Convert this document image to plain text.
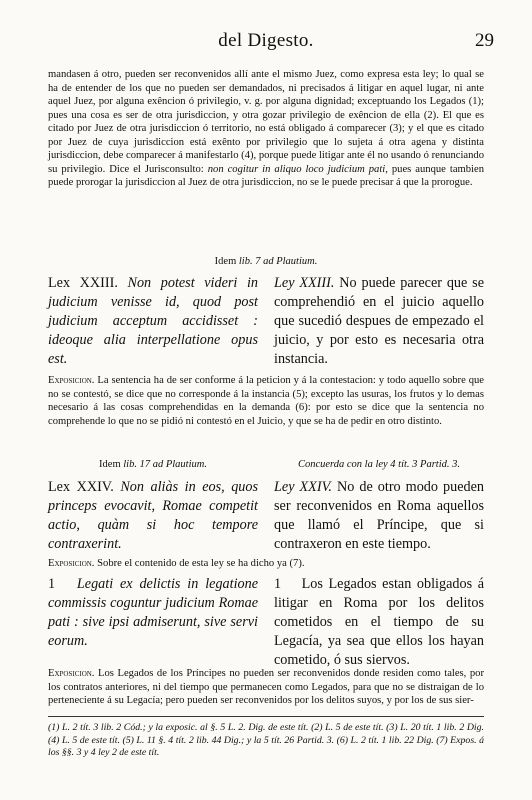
del Digesto.	29
mandasen á otro, pueden ser reconvenidos allí ante el mismo Juez, como expresa esta ley; lo qual se ha de entender de los que no pueden ser demandados, ni precisados á litigar en aquel lugar, ni ante aquel Juez, por alguna exêncion ó privilegio, v. g. por alguna dignidad; exceptuando los Legados (1); pues una cosa es ser de otra jurisdiccion, y otra gozar privilegio de exêncion de ella (2). El que es citado por Juez de otra jurisdiccion ó territorio, no está obligado á comparecer (3); y el que es citado por Juez de cuya jurisdiccion está exênto por privilegio que lo sujeta á otra agena y distinta jurisdiccion, debe comparecer á manifestarlo (4), porque puede litigar ante él no usando ó renunciando su privilegio. Dice el Jurisconsulto: non cogitur in aliquo loco judicium pati, pues aunque tambien puede prorogar la jurisdiccion al Juez de otra jurisdiccion, no se le puede precisar á que la prorogue.
Idem lib. 7 ad Plautium.
Lex XXIII. Non potest videri in judicium venisse id, quod post judicium acceptum accidisset : ideoque alia interpellatione opus est.
Ley XXIII. No puede parecer que se comprehendió en el juicio aquello que sucedió despues de empezado el juicio, y por esto es necesaria otra instancia.
Exposicion. La sentencia ha de ser conforme á la peticion y á la contestacion: y todo aquello sobre que no se contestó, se dice que no corresponde á la instancia (5); excepto las usuras, los frutos y lo demas necesario á las cosas comprehendidas en la demanda (6): por esto se dice que la sentencia no comprehende lo que no se pidió ni contestó en el Juicio, y que se ha de pedir en otro distinto.
Idem lib. 17 ad Plautium.	Concuerda con la ley 4 tít. 3 Partid. 3.
Lex XXIV. Non aliàs in eos, quos princeps evocavit, Romae competit actio, quàm si hoc tempore contraxerint.
Ley XXIV. No de otro modo pueden ser reconvenidos en Roma aquellos que llamó el Príncipe, que si contraxeron en este tiempo.
Exposicion. Sobre el contenido de esta ley se ha dicho ya (7).
1 Legati ex delictis in legatione commissis coguntur judicium Romae pati : sive ipsi admiserunt, sive servi eorum.
1 Los Legados estan obligados á litigar en Roma por los delitos cometidos en el tiempo de su Legacía, ya sea que ellos los hayan cometido, ó sus siervos.
Exposicion. Los Legados de los Príncipes no pueden ser reconvenidos donde residen como tales, por los contratos anteriores, ni del tiempo que permanecen como Legados, para que no se distraigan de lo perteneciente á su Legacía; pero pueden ser reconvenidos por los delitos suyos, y por los de sus sier-
(1) L. 2 tít. 3 lib. 2 Cód.; y la exposic. al §. 5 L. 2. Dig. de este tít. (2) L. 5 de este tít. (3) L. 20 tít. 1 lib. 2 Dig. (4) L. 5 de este tít. (5) L. 11 §. 4 tít. 2 lib. 44 Dig.; y la 5 tít. 26 Partid. 3. (6) L. 2 tít. 1 lib. 22 Dig. (7) Expos. á los §§. 3 y 4 ley 2 de este tít.
